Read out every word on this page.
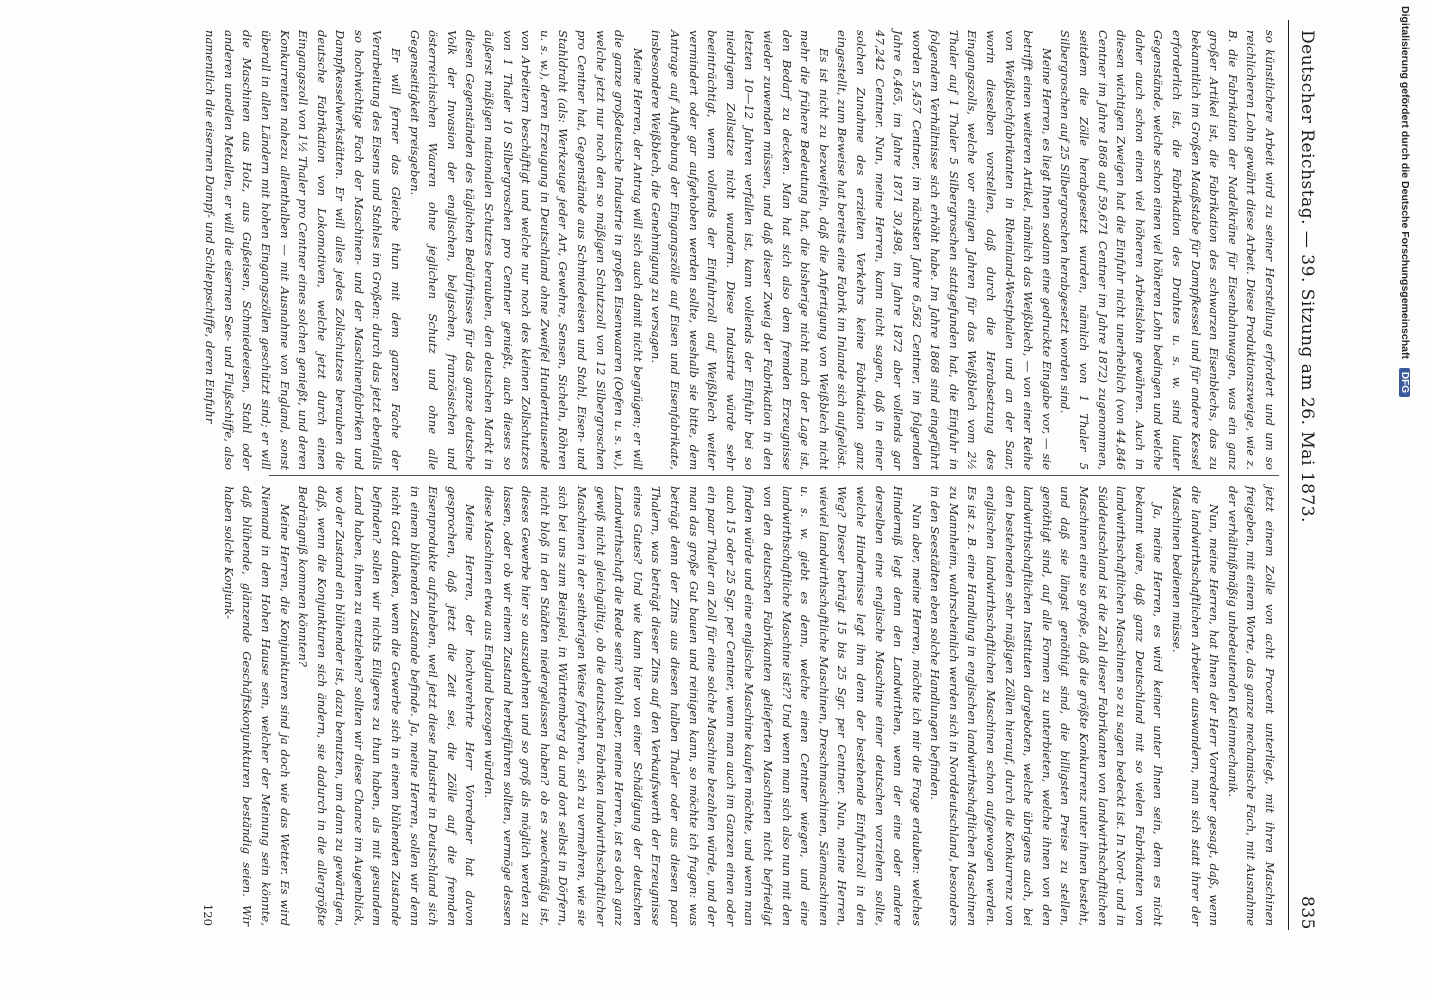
Deutscher Reichstag. — 39. Sitzung am 26. Mai 1873.
835

so künstlichere Arbeit wird zu seiner Herstellung erfordert und um so reichlicheren Lohn gewährt diese Arbeit. Diese Produktionszweige, wie z. B. die Fabrikation der Nadelkräne für Eisenbahnwagen, was ein ganz großer Artikel ist, die Fabrikation des schwarzen Eisenblechs, das zu bekanntlich im Großen Maaßstabe für Dampfkessel und für andere Kessel erforderlich ist, die Fabrikation des Drahtes u. s. w. sind lauter Gegenstände, welche schon einen viel höheren Lohn bedingen und welche daher auch schon einen viel höheren Arbeitslohn gewähren. Auch in diesen wichtigen Zweigen hat die Einfuhr nicht unerheblich (von 44,846 Centner im Jahre 1868 auf 59,671 Centner im Jahre 1872) zugenommen, seitdem die Zölle herabgesetzt wurden, nämlich von 1 Thaler 5 Silbergroschen auf 25 Silbergroschen herabgesetzt worden sind.

Meine Herren, es liegt Ihnen sodann eine gedruckte Eingabe vor, — sie betrifft einen weiteren Artikel, nämlich das Weißblech, — von einer Reihe von Weißblechfabrikanten in Rheinland-Westphalen und an der Saar, worin dieselben vorstellen, daß durch die Herabsetzung des Eingangszolls, welche vor einigen Jahren für das Weißblech vom 2½ Thaler auf 1 Thaler 5 Silbergroschen stattgefunden hat, die Einfuhr in folgendem Verhältnisse sich erhöht habe. Im Jahre 1868 sind eingeführt worden 5,457 Centner, im nächsten Jahre 6,562 Centner, im folgenden Jahre 6,465, im Jahre 1871 30,498, im Jahre 1872 aber vollends gar 47,242 Centner. Nun, meine Herren, kann nicht sagen, daß in einer solchen Zunahme des erzielten Verkehrs keine Fabrikation ganz eingestellt, zum Beweise hat bereits eine Fabrik im Inlande sich aufgelöst.

Es ist nicht zu bezweifeln, daß die Anfertigung von Weißblech nicht mehr die frühere Bedeutung hat, die bisherige nicht nach der Lage ist, den Bedarf zu decken. Man hat sich also dem fremden Erzeugnisse wieder zuwenden müssen, und daß dieser Zweig der Fabrikation in den letzten 10—12 Jahren verfallen ist, kann vollends der Einfuhr bei so niedrigem Zollsatze nicht wundern. Diese Industrie würde sehr beeinträchtigt, wenn vollends der Einfuhrzoll auf Weißblech weiter vermindert oder gar aufgehoben werden sollte, weshalb sie bitte, dem Antrage auf Aufhebung der Eingangszölle auf Eisen und Eisenfabrikate, insbesondere Weißblech, die Genehmigung zu versagen.

Meine Herren, der Antrag will sich auch damit nicht begnügen; er will die ganze großdeutsche Industrie in großen Eisenwaaren (Oefen u. s. w.), welche jetzt nur noch den so mäßigen Schutzzoll von 12 Silbergroschen pro Centner hat, Gegenstände aus Schmiedeeisen und Stahl, Eisen- und Stahldraht (als: Werkzeuge jeder Art, Gewehre, Sensen, Sicheln, Röhren u. s. w.), deren Erzeugung in Deutschland ohne Zweifel Hunderttausende von Arbeitern beschäftigt und welche nur noch des kleinen Zollschutzes von 1 Thaler 10 Silbergroschen pro Centner genießt, auch dieses so äußerst mäßigen nationalen Schutzes berauben, den deutschen Markt in diesen Gegenständen des täglichen Bedürfnisses für das ganze deutsche Volk der Invasion der englischen, belgischen, französischen und österreichischen Waaren ohne jeglichen Schutz und ohne alle Gegenseitigkeit preisgeben.

Er will ferner das Gleiche thun mit dem ganzen Fache der Verarbeitung des Eisens und Stahles im Großen: durch das jetzt ebenfalls so hochwichtige Fach der Maschinen- und der Maschinenfabriken und Dampfkesselwerkstätten. Er will alles jedes Zollschutzes berauben die deutsche Fabrikation von Lokomotiven, welche jetzt durch einen Eingangszoll von 1½ Thaler pro Centner eines solchen genießt, und deren Konkurrenten nahezu allenthalben — mit Ausnahme von England, sonst überall in allen Ländern mit hohen Eingangszöllen geschützt sind; er will die Maschinen aus Holz, aus Gußeisen, Schmiedeeisen, Stahl oder anderen unedlen Metallen, er will die eisernen See- und Flußschiffe, also namentlich die eisernen Dampf- und Schleppschiffe, deren Einfuhr

jetzt einem Zolle von acht Procent unterliegt, mit ihren Maschinen freigeben, mit einem Worte, das ganze mechanische Fach, mit Ausnahme der verhältnißmäßig unbedeutenden Kleinmechanik.

Nun, meine Herren, hat Ihnen der Herr Vorredner gesagt, daß, wenn die landwirthschaftlichen Arbeiter auswandern, man sich statt ihrer der Maschinen bedienen müsse.

Ja, meine Herren, es wird keiner unter Ihnen sein, dem es nicht bekannt wäre, daß ganz Deutschland mit so vielen Fabrikanten von landwirthschaftlichen Maschinen so zu sagen bedeckt ist. In Nord- und in Süddeutschland ist die Zahl dieser Fabrikanten von landwirthschaftlichen Maschinen eine so große, daß die größte Konkurrenz unter ihnen besteht, und daß sie längst genöthigt sind, die billigsten Preise zu stellen, genöthigt sind, auf alle Formen zu unterbieten, welche ihnen von den landwirthschaftlichen Instituten dargeboten, welche übrigens auch, bei den bestehenden sehr mäßigen Zöllen hierauf, durch die Konkurrenz von englischen landwirthschaftlichen Maschinen schon aufgewogen werden. Es ist z. B. eine Handlung in englischen landwirthschaftlichen Maschinen zu Mannheim, wahrscheinlich werden sich in Norddeutschland, besonders in den Seestädten eben solche Handlungen befinden.

Nun aber, meine Herren, möchte ich mir die Frage erlauben: welches Hinderniß legt denn den Landwirthen, wenn der eine oder andere derselben eine englische Maschine einer deutschen vorziehen sollte, welche Hindernisse legt ihm denn der bestehende Einfuhrzoll in den Weg? Dieser beträgt 15 bis 25 Sgr. per Centner. Nun, meine Herren, wieviel landwirthschaftliche Maschinen, Dreschmaschinen, Säemaschinen u. s. w. giebt es denn, welche einen Centner wiegen, und eine landwirthschaftliche Maschine ist?? Und wenn man sich also nun mit den von den deutschen Fabrikanten gelieferten Maschinen nicht befriedigt finden würde und eine englische Maschine kaufen möchte, und wenn man auch 15 oder 25 Sgr. per Centner, wenn man auch im Ganzen einen oder ein paar Thaler an Zoll für eine solche Maschine bezahlen würde, und der man das große Gut bauen und reinigen kann, so möchte ich fragen: was beträgt denn der Zins aus diesen halben Thaler oder aus diesen paar Thalern, was beträgt dieser Zins auf den Verkaufswerth der Erzeugnisse eines Gutes? Und wie kann hier von einer Schädigung der deutschen Landwirthschaft die Rede sein? Wohl aber, meine Herren, ist es doch ganz gewiß nicht gleichgültig, ob die deutschen Fabriken landwirthschaftlicher Maschinen in der seitherigen Weise fortfahren, sich zu vermehren, wie sie sich bei uns zum Beispiel, in Württemberg da und dort selbst in Dörfern, nicht bloß in den Städten niedergelassen haben? ob es zweckmäßig ist, dieses Gewerbe hier so auszudehnen und so groß als möglich werden zu lassen, oder ob wir einem Zustand herbeiführen sollten, vermöge dessen diese Maschinen etwa aus England bezogen würden.

Meine Herren, der hochverehrte Herr Vorredner hat davon gesprochen, daß jetzt die Zeit sei, die Zölle auf die fremden Eisenprodukte aufzuheben, weil jetzt diese Industrie in Deutschland sich in einem blühenden Zustande befinde. Ja, meine Herren, sollen wir denn nicht Gott danken, wenn die Gewerbe sich in einem blühenden Zustande befinden? sollen wir nichts Eiligeres zu thun haben, als mit gesundem Land haben, ihnen zu entziehen? sollten wir diese Chance im Augenblick, wo der Zustand ein blühender ist, dazu benutzen, um dann zu gewärtigen, daß, wenn die Konjunkturen sich ändern, sie dadurch in die allergrößte Bedrängniß kommen könnten?

Meine Herren, die Konjunkturen sind ja doch wie das Wetter. Es wird Niemand in dem Hohen Hause sein, welcher der Meinung sein könnte, daß blühende, glänzende Geschäftskonjunkturen beständig seien. Wir haben solche Konjunk-

120
Digitalisierung gefördert durch die Deutsche Forschungsgemeinschaft DFG
